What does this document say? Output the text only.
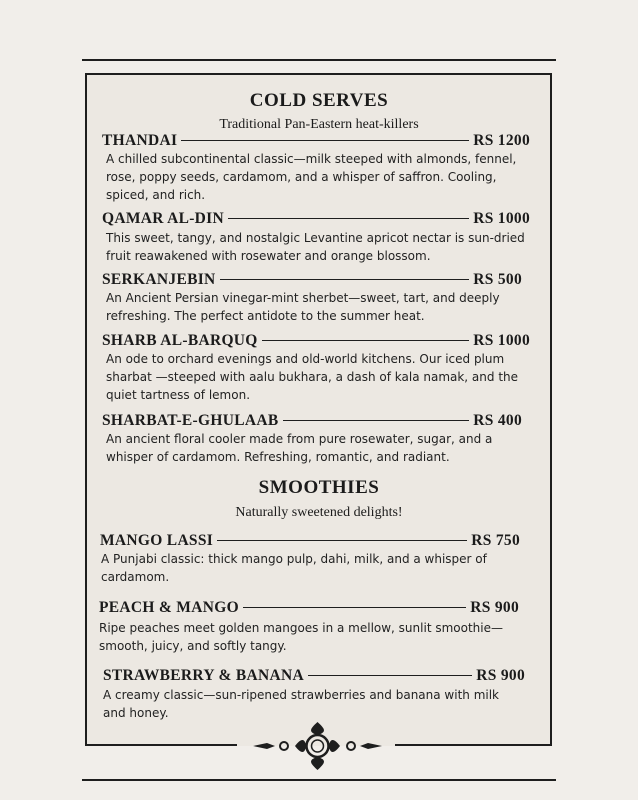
COLD SERVES
Traditional Pan-Eastern heat-killers
THANDAI	RS 1200
A chilled subcontinental classic—milk steeped with almonds, fennel, rose, poppy seeds, cardamom, and a whisper of saffron. Cooling, spiced, and rich.
QAMAR AL-DIN	RS 1000
This sweet, tangy, and nostalgic Levantine apricot nectar is sun-dried fruit reawakened with rosewater and orange blossom.
SERKANJEBIN	RS 500
An Ancient Persian vinegar-mint sherbet—sweet, tart, and deeply refreshing. The perfect antidote to the summer heat.
SHARB AL-BARQUQ	RS 1000
An ode to orchard evenings and old-world kitchens. Our iced plum sharbat —steeped with aalu bukhara, a dash of kala namak, and the quiet tartness of lemon.
SHARBAT-E-GHULAAB	RS 400
An ancient floral cooler made from pure rosewater, sugar, and a whisper of cardamom. Refreshing, romantic, and radiant.
SMOOTHIES
Naturally sweetened delights!
MANGO LASSI	RS 750
A Punjabi classic: thick mango pulp, dahi, milk, and a whisper of cardamom.
PEACH & MANGO	RS 900
Ripe peaches meet golden mangoes in a mellow, sunlit smoothie—smooth, juicy, and softly tangy.
STRAWBERRY & BANANA	RS 900
A creamy classic—sun-ripened strawberries and banana with milk and honey.
